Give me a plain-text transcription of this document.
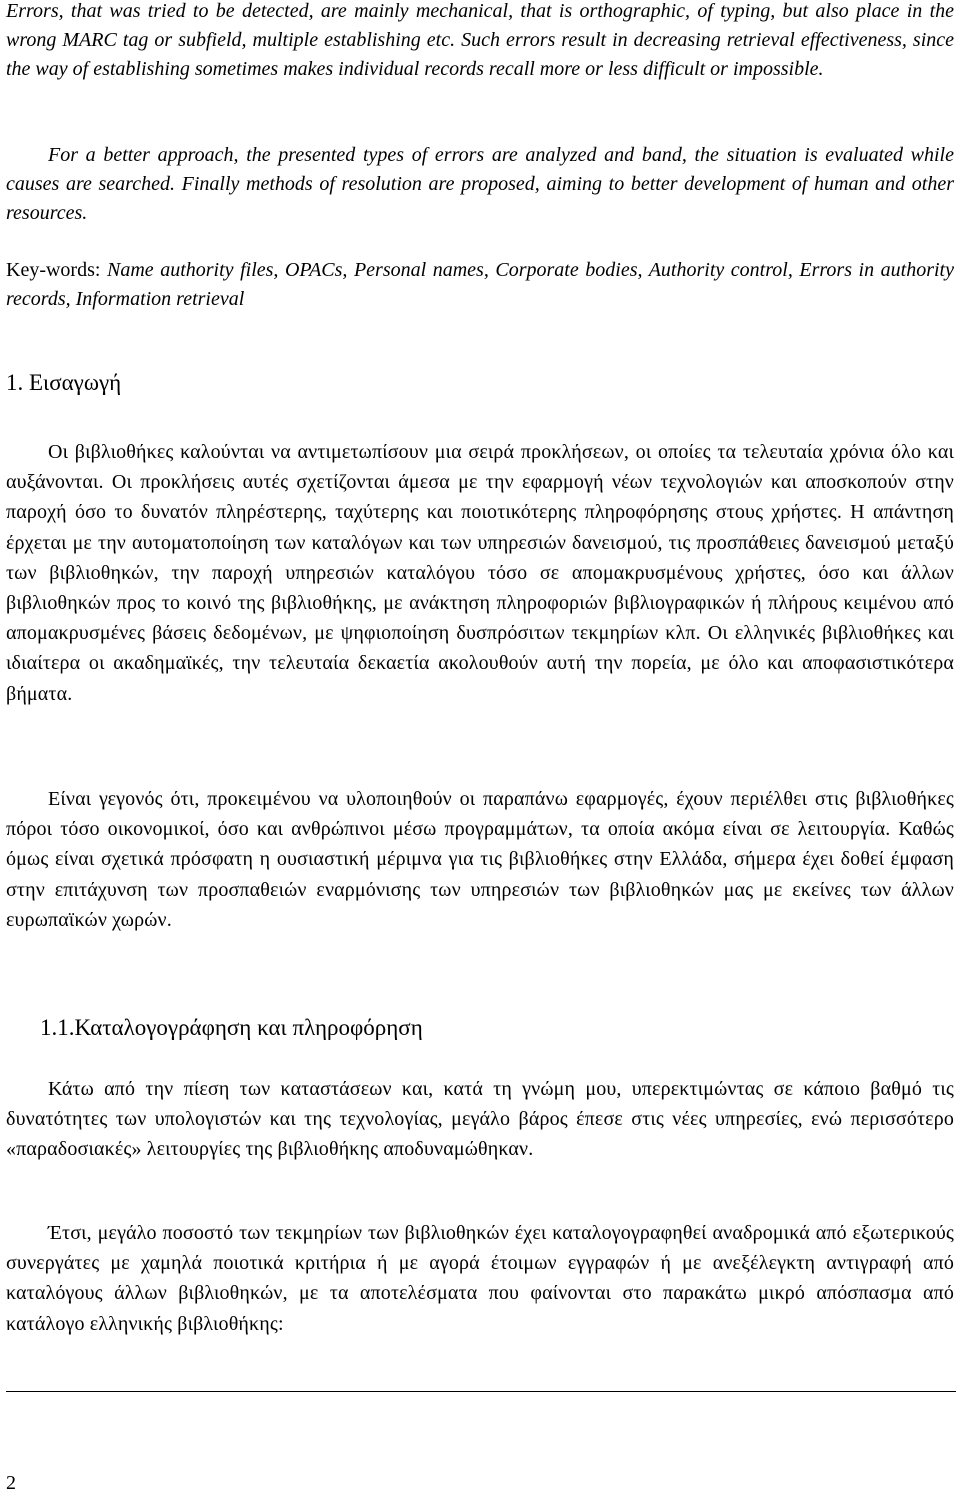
Errors, that was tried to be detected, are mainly mechanical, that is orthographic, of typing, but also place in the wrong MARC tag or subfield, multiple establishing etc. Such errors result in decreasing retrieval effectiveness, since the way of establishing sometimes makes individual records recall more or less difficult or impossible.

For a better approach, the presented types of errors are analyzed and band, the situation is evaluated while causes are searched. Finally methods of resolution are proposed, aiming to better development of human and other resources.

Key-words: Name authority files, OPACs, Personal names, Corporate bodies, Authority control, Errors in authority records, Information retrieval

1. Εισαγωγή

Οι βιβλιοθήκες καλούνται να αντιμετωπίσουν μια σειρά προκλήσεων, οι οποίες τα τελευταία χρόνια όλο και αυξάνονται. Οι προκλήσεις αυτές σχετίζονται άμεσα με την εφαρμογή νέων τεχνολογιών και αποσκοπούν στην παροχή όσο το δυνατόν πληρέστερης, ταχύτερης και ποιοτικότερης πληροφόρησης στους χρήστες. Η απάντηση έρχεται με την αυτοματοποίηση των καταλόγων και των υπηρεσιών δανεισμού, τις προσπάθειες δανεισμού μεταξύ των βιβλιοθηκών, την παροχή υπηρεσιών καταλόγου τόσο σε απομακρυσμένους χρήστες, όσο και άλλων βιβλιοθηκών προς το κοινό της βιβλιοθήκης, με ανάκτηση πληροφοριών βιβλιογραφικών ή πλήρους κειμένου από απομακρυσμένες βάσεις δεδομένων, με ψηφιοποίηση δυσπρόσιτων τεκμηρίων κλπ. Οι ελληνικές βιβλιοθήκες και ιδιαίτερα οι ακαδημαϊκές, την τελευταία δεκαετία ακολουθούν αυτή την πορεία, με όλο και αποφασιστικότερα βήματα.

Είναι γεγονός ότι, προκειμένου να υλοποιηθούν οι παραπάνω εφαρμογές, έχουν περιέλθει στις βιβλιοθήκες πόροι τόσο οικονομικοί, όσο και ανθρώπινοι μέσω προγραμμάτων, τα οποία ακόμα είναι σε λειτουργία. Καθώς όμως είναι σχετικά πρόσφατη η ουσιαστική μέριμνα για τις βιβλιοθήκες στην Ελλάδα, σήμερα έχει δοθεί έμφαση στην επιτάχυνση των προσπαθειών εναρμόνισης των υπηρεσιών των βιβλιοθηκών μας με εκείνες των άλλων ευρωπαϊκών χωρών.

1.1.Καταλογογράφηση και πληροφόρηση

Κάτω από την πίεση των καταστάσεων και, κατά τη γνώμη μου, υπερεκτιμώντας σε κάποιο βαθμό τις δυνατότητες των υπολογιστών και της τεχνολογίας, μεγάλο βάρος έπεσε στις νέες υπηρεσίες, ενώ περισσότερο «παραδοσιακές» λειτουργίες της βιβλιοθήκης αποδυναμώθηκαν.

Έτσι, μεγάλο ποσοστό των τεκμηρίων των βιβλιοθηκών έχει καταλογογραφηθεί αναδρομικά από εξωτερικούς συνεργάτες με χαμηλά ποιοτικά κριτήρια ή με αγορά έτοιμων εγγραφών ή με ανεξέλεγκτη αντιγραφή από καταλόγους άλλων βιβλιοθηκών, με τα αποτελέσματα που φαίνονται στο παρακάτω μικρό απόσπασμα από κατάλογο ελληνικής βιβλιοθήκης:

2
